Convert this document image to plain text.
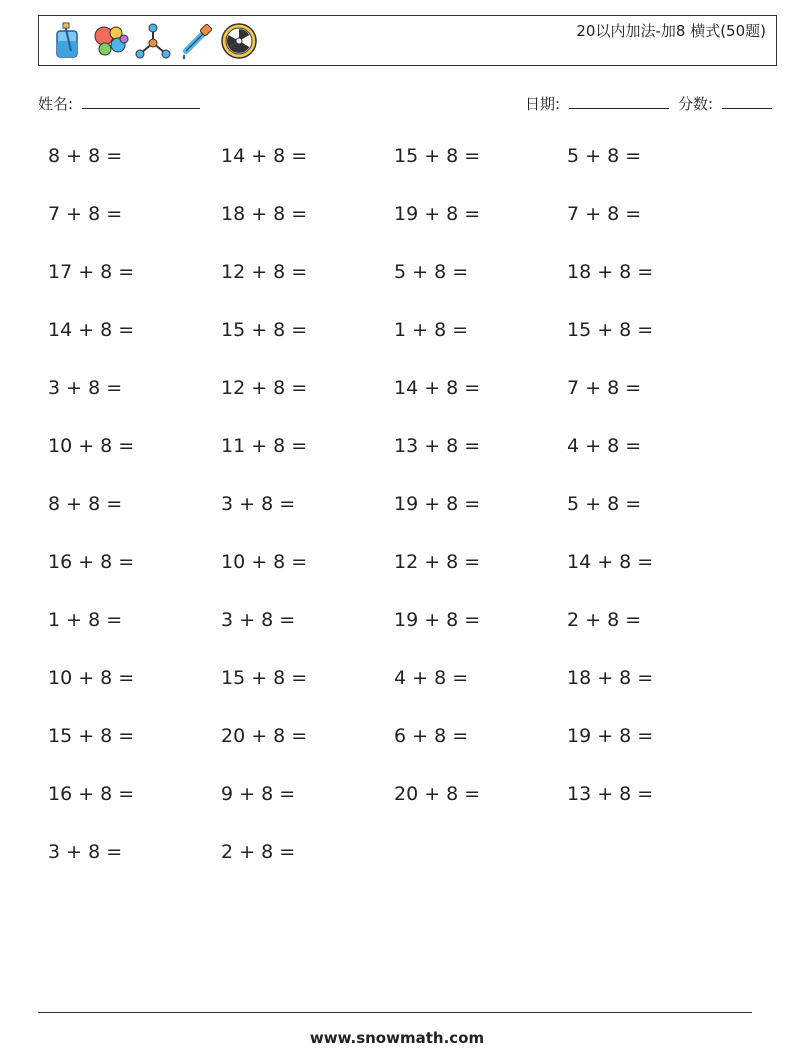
20以内加法-加8 横式(50题)
姓名:	日期:	分数:
8 + 8 =	14 + 8 =	15 + 8 =	5 + 8 =
7 + 8 =	18 + 8 =	19 + 8 =	7 + 8 =
17 + 8 =	12 + 8 =	5 + 8 =	18 + 8 =
14 + 8 =	15 + 8 =	1 + 8 =	15 + 8 =
3 + 8 =	12 + 8 =	14 + 8 =	7 + 8 =
10 + 8 =	11 + 8 =	13 + 8 =	4 + 8 =
8 + 8 =	3 + 8 =	19 + 8 =	5 + 8 =
16 + 8 =	10 + 8 =	12 + 8 =	14 + 8 =
1 + 8 =	3 + 8 =	19 + 8 =	2 + 8 =
10 + 8 =	15 + 8 =	4 + 8 =	18 + 8 =
15 + 8 =	20 + 8 =	6 + 8 =	19 + 8 =
16 + 8 =	9 + 8 =	20 + 8 =	13 + 8 =
3 + 8 =	2 + 8 =
www.snowmath.com
